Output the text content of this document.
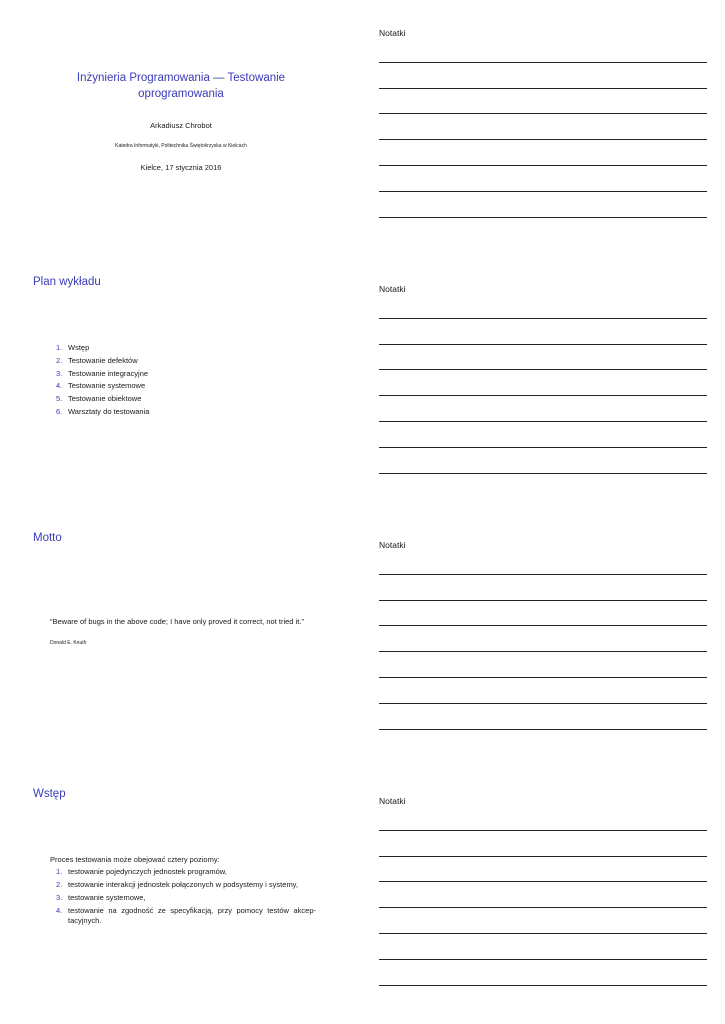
Inżynieria Programowania — Testowanie oprogramowania
Arkadiusz Chrobot
Katedra Informatyki, Politechnika Świętokrzyska w Kielcach
Kielce, 17 stycznia 2016
Notatki
Plan wykładu
1. Wstęp
2. Testowanie defektów
3. Testowanie integracyjne
4. Testowanie systemowe
5. Testowanie obiektowe
6. Warsztaty do testowania
Notatki
Motto
“Beware of bugs in the above code; I have only proved it correct, not tried it.”
Donald E. Knuth
Notatki
Wstęp
Proces testowania może obejować cztery poziomy:
1. testowanie pojedynczych jednostek programów,
2. testowanie interakcji jednostek połączonych w podsystemy i systemy,
3. testowanie systemowe,
4. testowanie na zgodność ze specyfikacją, przy pomocy testów akcep-tacyjnych.
Notatki
